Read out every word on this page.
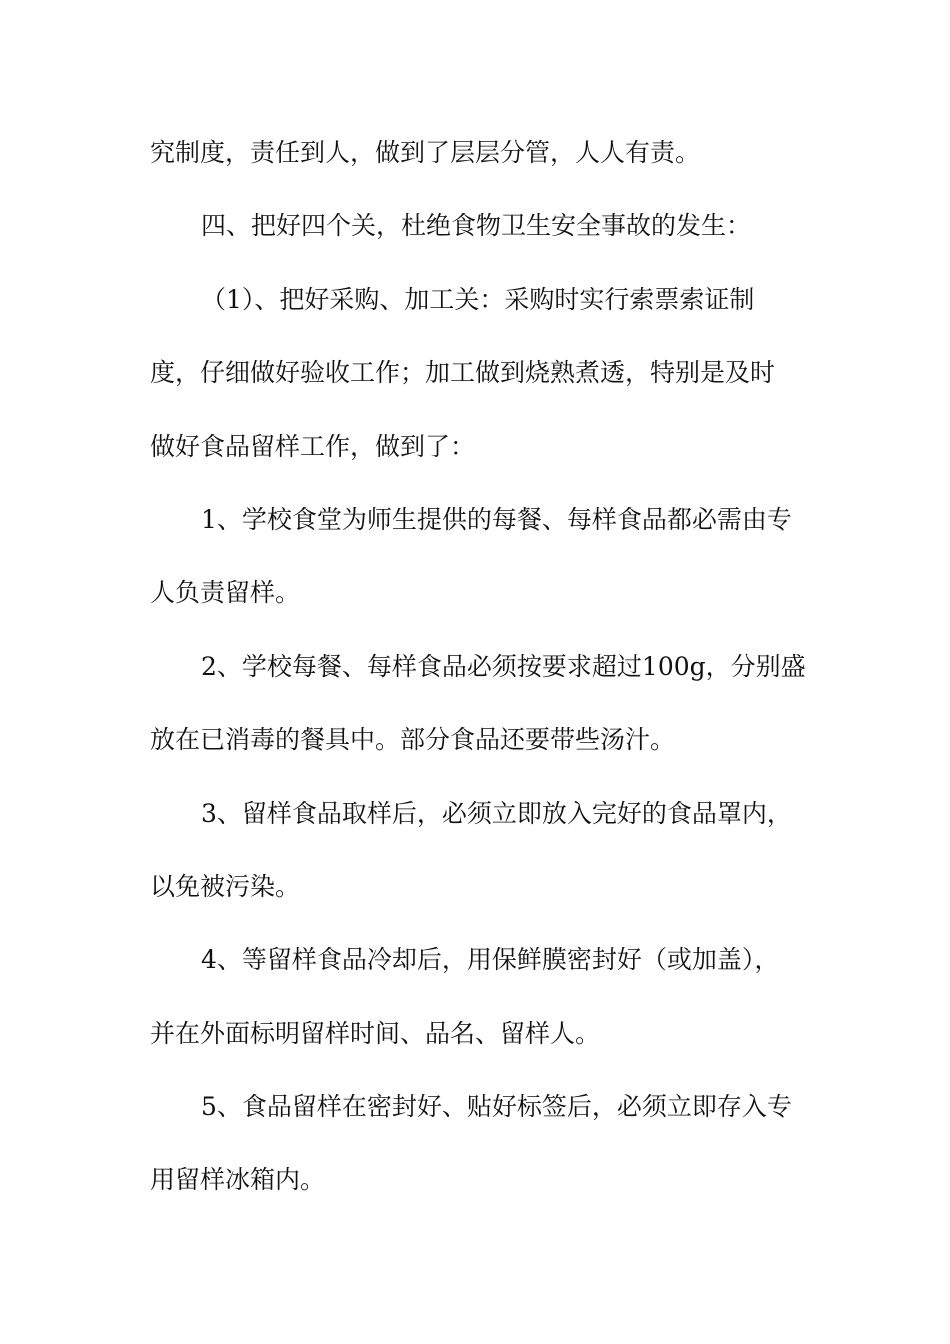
究制度，责任到人，做到了层层分管，人人有责。
四、把好四个关，杜绝食物卫生安全事故的发生：
（1）、把好采购、加工关：采购时实行索票索证制
度，仔细做好验收工作；加工做到烧熟煮透，特别是及时
做好食品留样工作，做到了：
1、学校食堂为师生提供的每餐、每样食品都必需由专
人负责留样。
2、学校每餐、每样食品必须按要求超过100g，分别盛
放在已消毒的餐具中。部分食品还要带些汤汁。
3、留样食品取样后，必须立即放入完好的食品罩内，
以免被污染。
4、等留样食品冷却后，用保鲜膜密封好（或加盖），
并在外面标明留样时间、品名、留样人。
5、食品留样在密封好、贴好标签后，必须立即存入专
用留样冰箱内。
